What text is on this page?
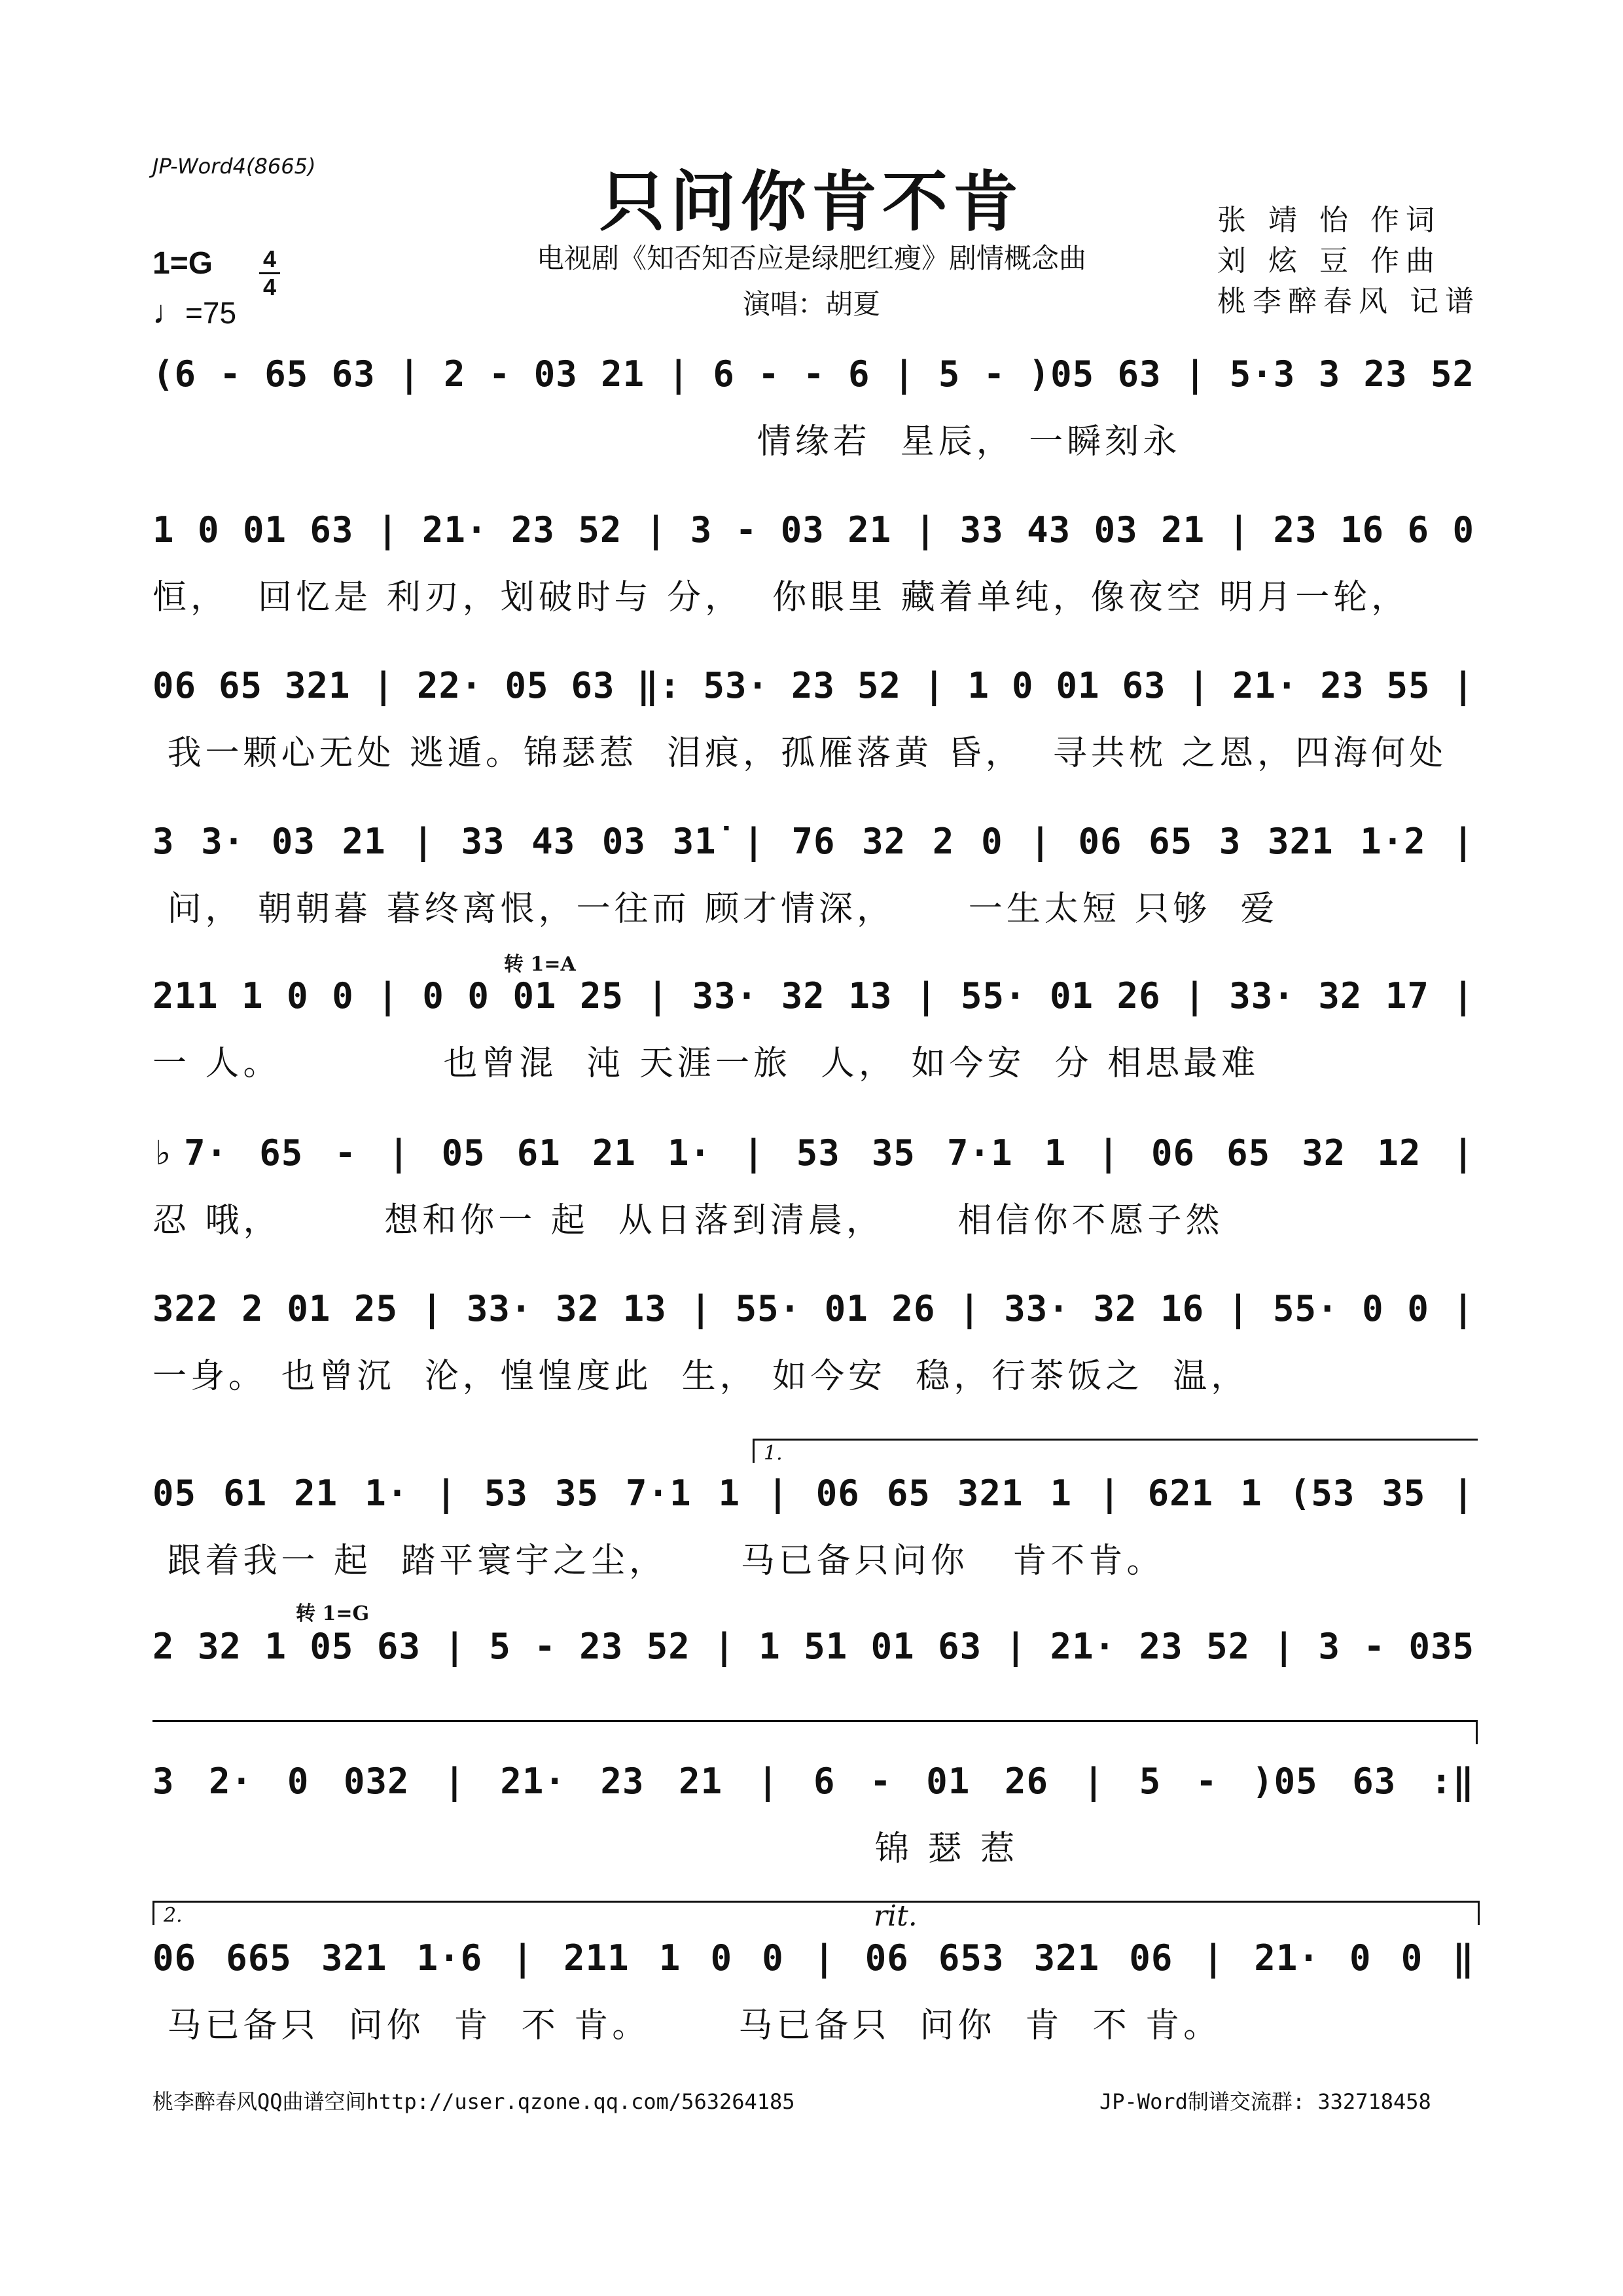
JP-Word4(8665)	只问你肯不肯
电视剧《知否知否应是绿肥红瘦》剧情概念曲
演唱：胡夏
张 靖 怡 作词
刘 炫 豆 作曲
桃李醉春风 记谱
1=G 4
4
♩=75
(6 - 65 63 | 2 - 03 21 | 6 - - 6 | 5 - )05 63 | 5·3 3 23 52
情缘若  星辰， 一瞬刻永
1 0 01 63 | 21· 23 52 | 3 - 03 21 | 33 43 03 21 | 23 16 6 0
恒，  回忆是 利刃，划破时与 分，  你眼里 藏着单纯，像夜空 明月一轮，
06 65 321 | 22· 05 63 ‖: 53· 23 52 | 1 0 01 63 | 21· 23 55 |
我一颗心无处 逃遁。锦瑟惹  泪痕，孤雁落黄 昏，  寻共枕 之恩，四海何处
3 3· 03 21 | 33 43 03 31̇ | 76 32 2 0 | 06 65 3 321 1·2 |
问， 朝朝暮 暮终离恨，一往而 顾才情深，     一生太短 只够  爱
转 1=A
211 1 0 0 | 0 0 01 25 | 33· 32 13 | 55· 01 26 | 33· 32 17 |
一 人。           也曾混  沌 天涯一旅  人， 如今安  分 相思最难
♭7· 65 - | 05 61 21 1· | 53 35 7·1 1 | 06 65 32 12 |
忍 哦，       想和你一 起  从日落到清晨，     相信你不愿子然
322 2 01 25 | 33· 32 13 | 55· 01 26 | 33· 32 16 | 55· 0 0 |
一身。 也曾沉  沦，惶惶度此  生， 如今安  稳，行茶饭之  温，
1.
05 61 21 1· | 53 35 7·1 1 | 06 65 321 1 | 621 1 (53 35 |
跟着我一 起  踏平寰宇之尘，     马已备只问你   肯不肯。
转 1=G
2 32 1 05 63 | 5 - 23 52 | 1 51 01 63 | 21· 23 52 | 3 - 035
3 2· 0 032 | 21· 23 21 | 6 - 01 26 | 5 - )05 63 :‖
锦 瑟 惹
2.	rit.
06 665 321 1·6 | 211 1 0 0 | 06 653 321 06 | 21· 0 0 ‖
马已备只  问你  肯  不 肯。      马已备只  问你  肯  不 肯。
桃李醉春风QQ曲谱空间http://user.qzone.qq.com/563264185	JP-Word制谱交流群: 332718458
